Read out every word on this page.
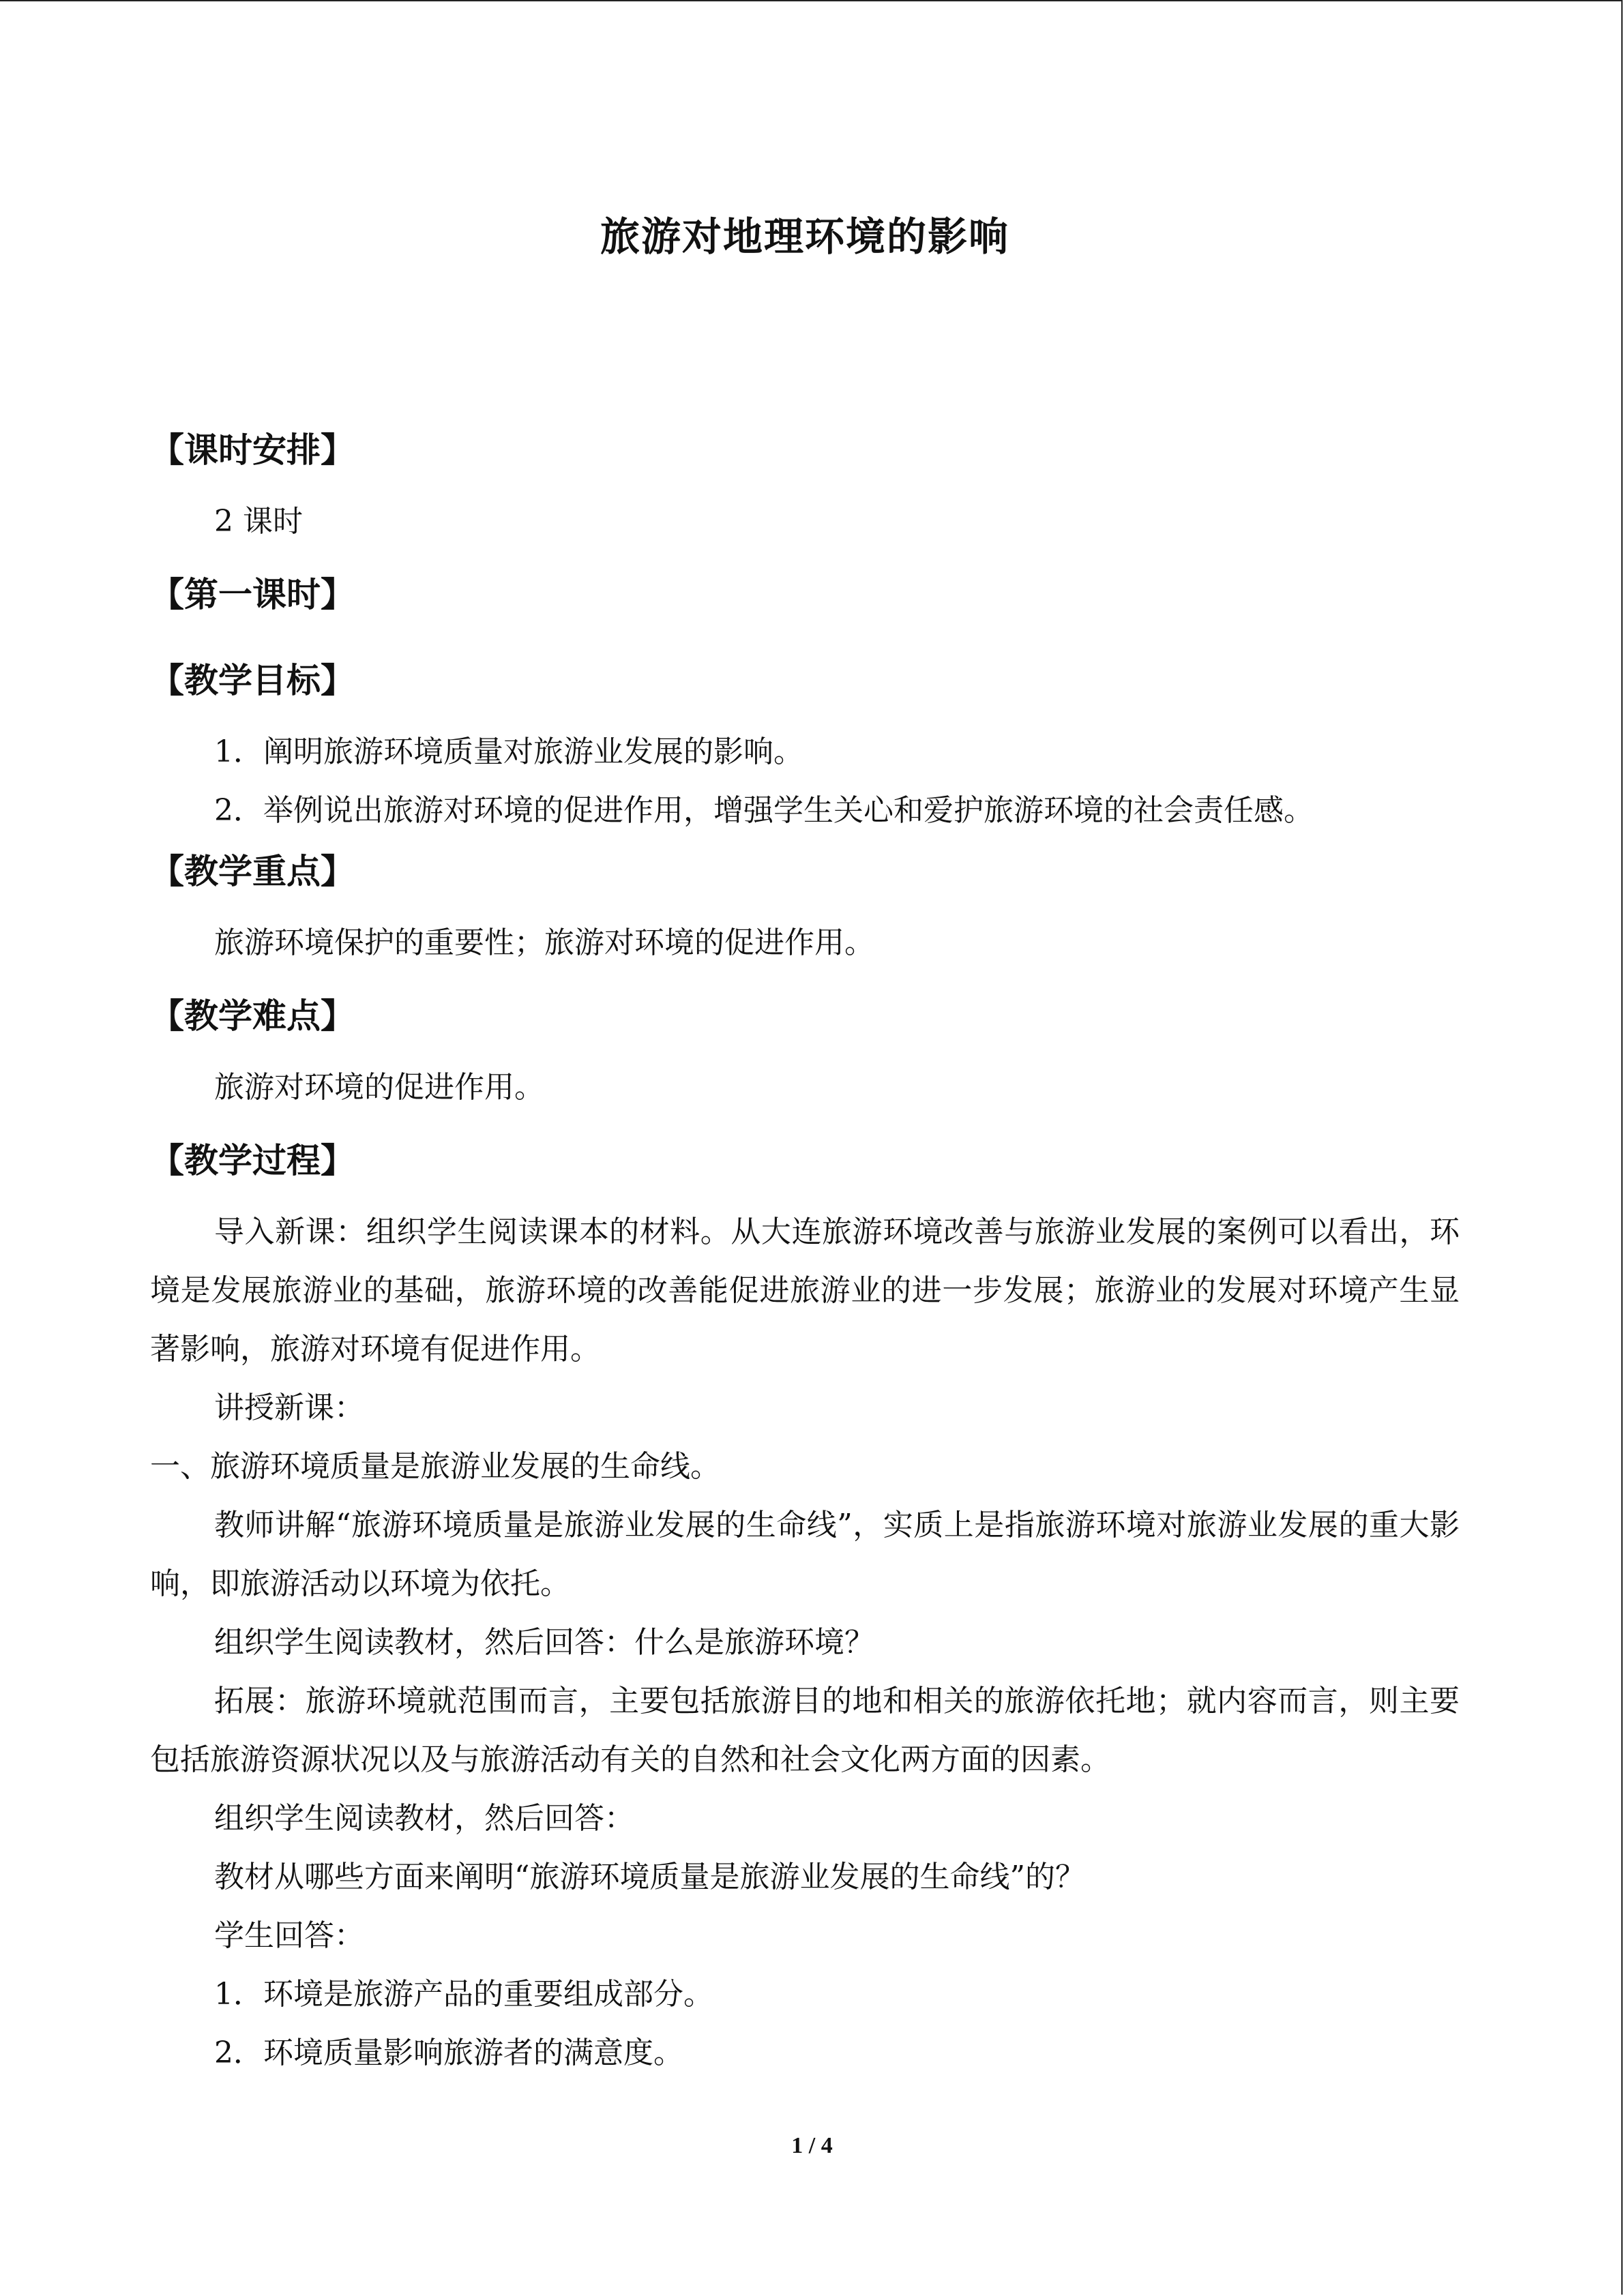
旅游对地理环境的影响
【课时安排】

2 课时

【第一课时】
【教学目标】

1．阐明旅游环境质量对旅游业发展的影响。

2．举例说出旅游对环境的促进作用，增强学生关心和爱护旅游环境的社会责任感。

【教学重点】

旅游环境保护的重要性；旅游对环境的促进作用。

【教学难点】

旅游对环境的促进作用。

【教学过程】

导入新课：组织学生阅读课本的材料。从大连旅游环境改善与旅游业发展的案例可以看出，环境是发展旅游业的基础，旅游环境的改善能促进旅游业的进一步发展；旅游业的发展对环境产生显著影响，旅游对环境有促进作用。

讲授新课：

一、旅游环境质量是旅游业发展的生命线。

教师讲解“旅游环境质量是旅游业发展的生命线”，实质上是指旅游环境对旅游业发展的重大影响，即旅游活动以环境为依托。

组织学生阅读教材，然后回答：什么是旅游环境？

拓展：旅游环境就范围而言，主要包括旅游目的地和相关的旅游依托地；就内容而言，则主要包括旅游资源状况以及与旅游活动有关的自然和社会文化两方面的因素。

组织学生阅读教材，然后回答：

教材从哪些方面来阐明“旅游环境质量是旅游业发展的生命线”的？

学生回答：

1．环境是旅游产品的重要组成部分。

2．环境质量影响旅游者的满意度。

1 / 4
